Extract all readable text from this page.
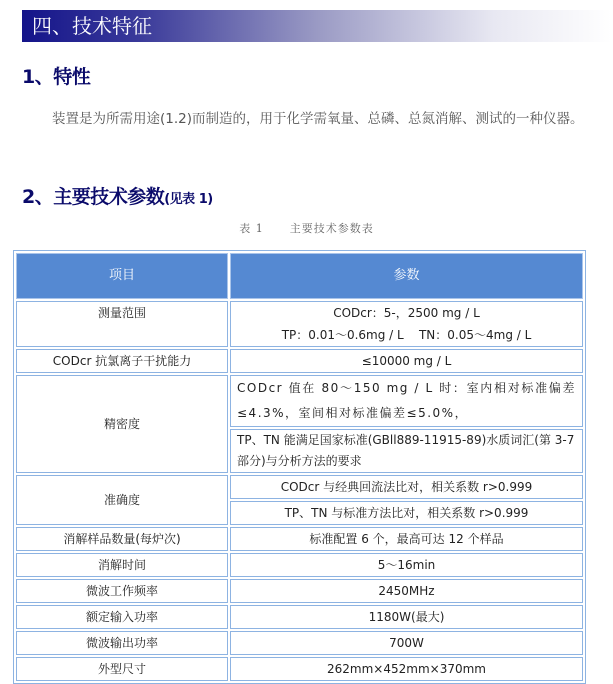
四、技术特征
1、特性
装置是为所需用途(1.2)而制造的，用于化学需氧量、总磷、总氮消解、测试的一种仪器。
2、主要技术参数(见表 1)
表 1 主要技术参数表
项目	参数
测量范围	CODcr：5-，2500 mg / L
TP：0.01～0.6mg / L    TN：0.05～4mg / L

CODcr 抗氯离子干扰能力	≤10000 mg / L
精密度	CODcr 值在 80～150 mg / L 时：室内相对标准偏差≤4.3%，室间相对标准偏差≤5.0%，
	TP、TN 能满足国家标准(GBll889-11915-89)水质词汇(第 3-7 部分)与分析方法的要求
准确度	CODcr 与经典回流法比对，相关系数 r>0.999
	TP、TN 与标准方法比对，相关系数 r>0.999
消解样品数量(每炉次)	标准配置 6 个，最高可达 12 个样品
消解时间	5～16min
微波工作频率	2450MHz
额定输入功率	1180W(最大)
微波输出功率	700W
外型尺寸	262mm×452mm×370mm
